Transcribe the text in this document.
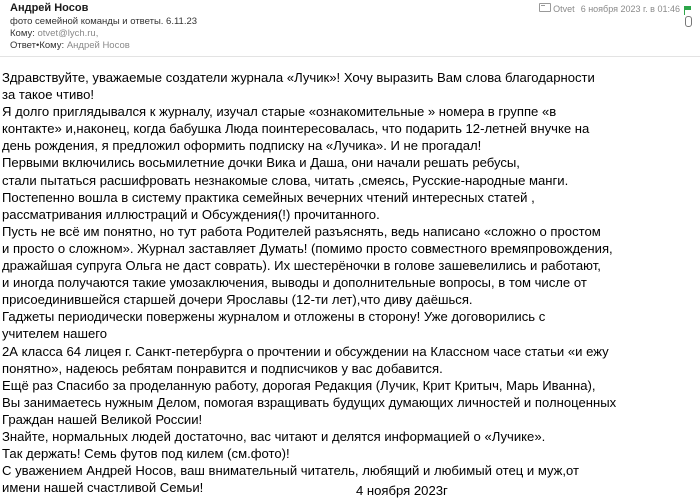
Андрей Носов
фото семейной команды и ответы. 6.11.23
Кому: otvet@lych.ru,
Ответ•Кому: Андрей Носов
Otvet 6 ноября 2023 г. в 01:46
Здравствуйте, уважаемые создатели журнала «Лучик»! Хочу выразить Вам слова благодарности
за такое чтиво!
Я долго приглядывался к журналу, изучал старые «ознакомительные » номера в группе «в
контакте» и,наконец, когда бабушка Люда поинтересовалась, что подарить 12-летней внучке на
день рождения, я предложил оформить подписку на «Лучика». И не прогадал!
Первыми включились восьмилетние дочки Вика и Даша, они начали решать ребусы,
стали пытаться расшифровать незнакомые слова, читать ,смеясь, Русские-народные манги.
Постепенно вошла в систему практика семейных вечерних чтений интересных статей ,
рассматривания иллюстраций и Обсуждения(!) прочитанного.
Пусть не всё им понятно, но тут работа Родителей разъяснять, ведь написано «сложно о простом
и просто о сложном». Журнал заставляет Думать! (помимо просто совместного времяпровождения,
дражайшая супруга Ольга не даст соврать). Их шестерёночки в голове зашевелились и работают,
и иногда получаются такие умозаключения, выводы и дополнительные вопросы, в том числе от
присоединившейся старшей дочери Ярославы (12-ти лет),что диву даёшься.
Гаджеты периодически повержены журналом и отложены в сторону! Уже договорились с
учителем нашего
2А класса 64 лицея г. Санкт-петербурга о прочтении и обсуждении на Классном часе статьи «и ежу
понятно», надеюсь ребятам понравится и подписчиков у вас добавится.
Ещё раз Спасибо за проделанную работу, дорогая Редакция (Лучик, Крит Критыч, Марь Иванна),
Вы занимаетесь нужным Делом, помогая взращивать будущих думающих личностей и полноценных
Граждан нашей Великой России!
Знайте, нормальных людей достаточно, вас читают и делятся информацией о «Лучике».
Так держать! Семь футов под килем (см.фото)!
С уважением Андрей Носов, ваш внимательный читатель, любящий и любимый отец и муж,от
имени нашей счастливой Семьи!	4 ноября 2023г
